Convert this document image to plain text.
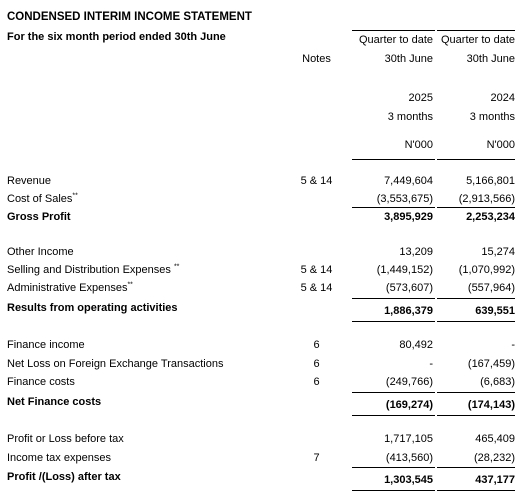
CONDENSED INTERIM INCOME STATEMENT
For the six month period ended 30th June	Quarter to date Quarter to date
Notes	30th June	30th June
2025	2024
3 months	3 months
N'000	N'000
Revenue	5 & 14	7,449,604	5,166,801
Cost of Sales**	(3,553,675)	(2,913,566)
Gross Profit	3,895,929	2,253,234
Other Income	13,209	15,274
Selling and Distribution Expenses **	5 & 14	(1,449,152)	(1,070,992)
Administrative Expenses**	5 & 14	(573,607)	(557,964)
Results from operating activities	1,886,379	639,551
Finance income	6	80,492	-
Net Loss on Foreign Exchange Transactions	6	-	(167,459)
Finance costs	6	(249,766)	(6,683)
Net Finance costs	(169,274)	(174,143)
Profit or Loss before tax	1,717,105	465,409
Income tax expenses	7	(413,560)	(28,232)
Profit /(Loss) after tax	1,303,545	437,177
